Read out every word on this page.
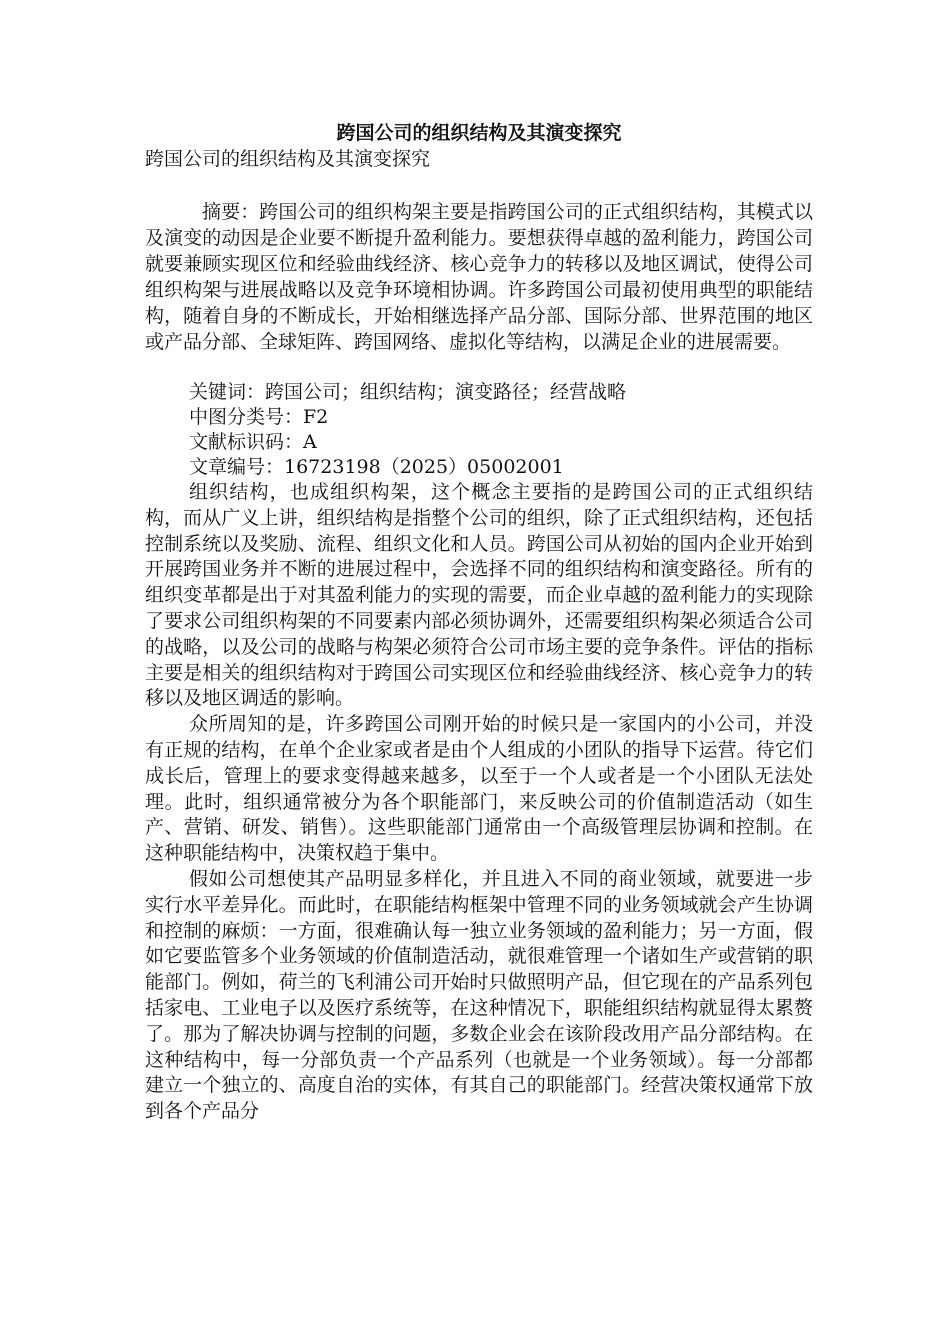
跨国公司的组织结构及其演变探究

跨国公司的组织结构及其演变探究

摘要：跨国公司的组织构架主要是指跨国公司的正式组织结构，其模式以及演变的动因是企业要不断提升盈利能力。要想获得卓越的盈利能力，跨国公司就要兼顾实现区位和经验曲线经济、核心竞争力的转移以及地区调试，使得公司组织构架与进展战略以及竞争环境相协调。许多跨国公司最初使用典型的职能结构，随着自身的不断成长，开始相继选择产品分部、国际分部、世界范围的地区或产品分部、全球矩阵、跨国网络、虚拟化等结构，以满足企业的进展需要。

关键词：跨国公司；组织结构；演变路径；经营战略

中图分类号：F2

文献标识码：A

文章编号：16723198（2025）05002001

组织结构，也成组织构架，这个概念主要指的是跨国公司的正式组织结构，而从广义上讲，组织结构是指整个公司的组织，除了正式组织结构，还包括控制系统以及奖励、流程、组织文化和人员。跨国公司从初始的国内企业开始到开展跨国业务并不断的进展过程中，会选择不同的组织结构和演变路径。所有的组织变革都是出于对其盈利能力的实现的需要，而企业卓越的盈利能力的实现除了要求公司组织构架的不同要素内部必须协调外，还需要组织构架必须适合公司的战略，以及公司的战略与构架必须符合公司市场主要的竞争条件。评估的指标主要是相关的组织结构对于跨国公司实现区位和经验曲线经济、核心竞争力的转移以及地区调适的影响。

众所周知的是，许多跨国公司刚开始的时候只是一家国内的小公司，并没有正规的结构，在单个企业家或者是由个人组成的小团队的指导下运营。待它们成长后，管理上的要求变得越来越多，以至于一个人或者是一个小团队无法处理。此时，组织通常被分为各个职能部门，来反映公司的价值制造活动（如生产、营销、研发、销售）。这些职能部门通常由一个高级管理层协调和控制。在这种职能结构中，决策权趋于集中。

假如公司想使其产品明显多样化，并且进入不同的商业领域，就要进一步实行水平差异化。而此时，在职能结构框架中管理不同的业务领域就会产生协调和控制的麻烦：一方面，很难确认每一独立业务领域的盈利能力；另一方面，假如它要监管多个业务领域的价值制造活动，就很难管理一个诸如生产或营销的职能部门。例如，荷兰的飞利浦公司开始时只做照明产品，但它现在的产品系列包括家电、工业电子以及医疗系统等，在这种情况下，职能组织结构就显得太累赘了。那为了解决协调与控制的问题，多数企业会在该阶段改用产品分部结构。在这种结构中，每一分部负责一个产品系列（也就是一个业务领域）。每一分部都建立一个独立的、高度自治的实体，有其自己的职能部门。经营决策权通常下放到各个产品分
